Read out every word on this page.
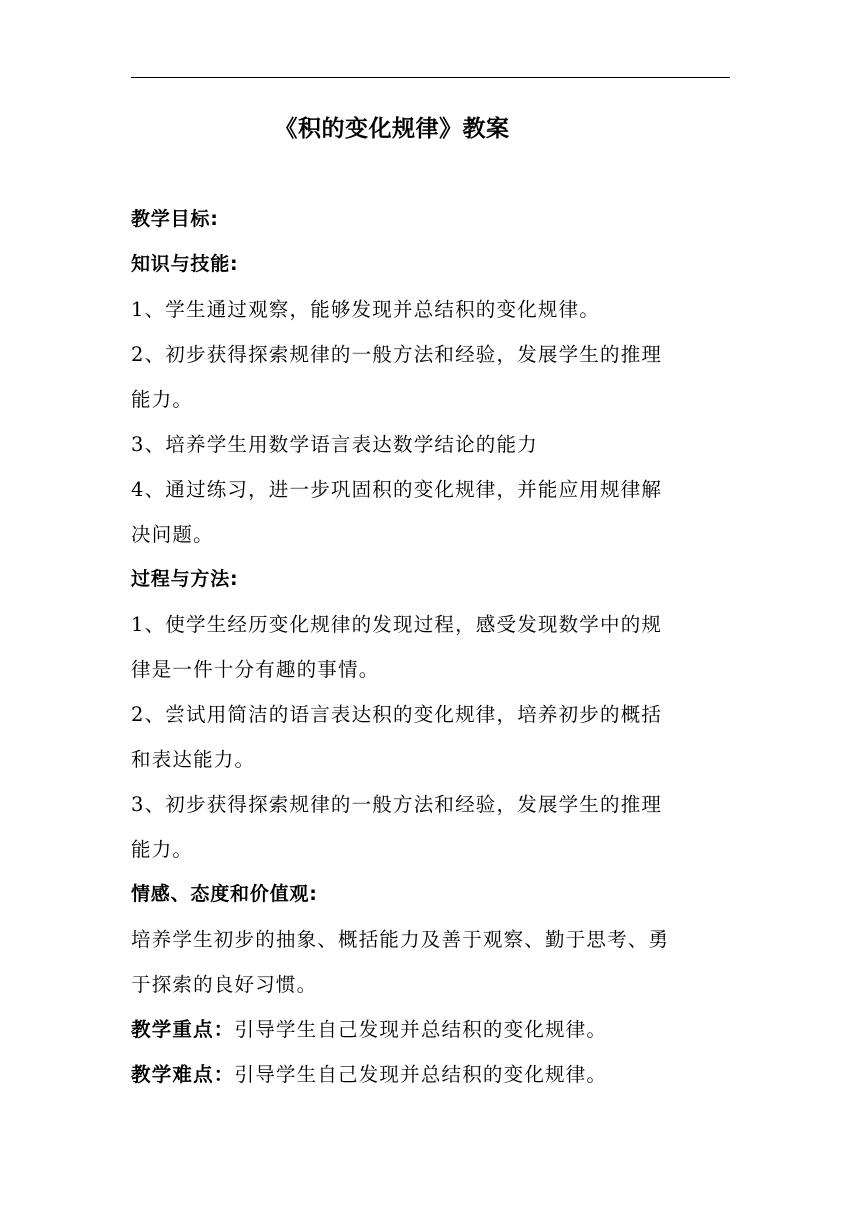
《积的变化规律》教案
教学目标:
知识与技能:
1、学生通过观察，能够发现并总结积的变化规律。
2、初步获得探索规律的一般方法和经验，发展学生的推理
能力。
3、培养学生用数学语言表达数学结论的能力
4、通过练习，进一步巩固积的变化规律，并能应用规律解
决问题。
过程与方法:
1、使学生经历变化规律的发现过程，感受发现数学中的规
律是一件十分有趣的事情。
2、尝试用简洁的语言表达积的变化规律，培养初步的概括
和表达能力。
3、初步获得探索规律的一般方法和经验，发展学生的推理
能力。
情感、态度和价值观:
培养学生初步的抽象、概括能力及善于观察、勤于思考、勇
于探索的良好习惯。
教学重点：引导学生自己发现并总结积的变化规律。
教学难点：引导学生自己发现并总结积的变化规律。
